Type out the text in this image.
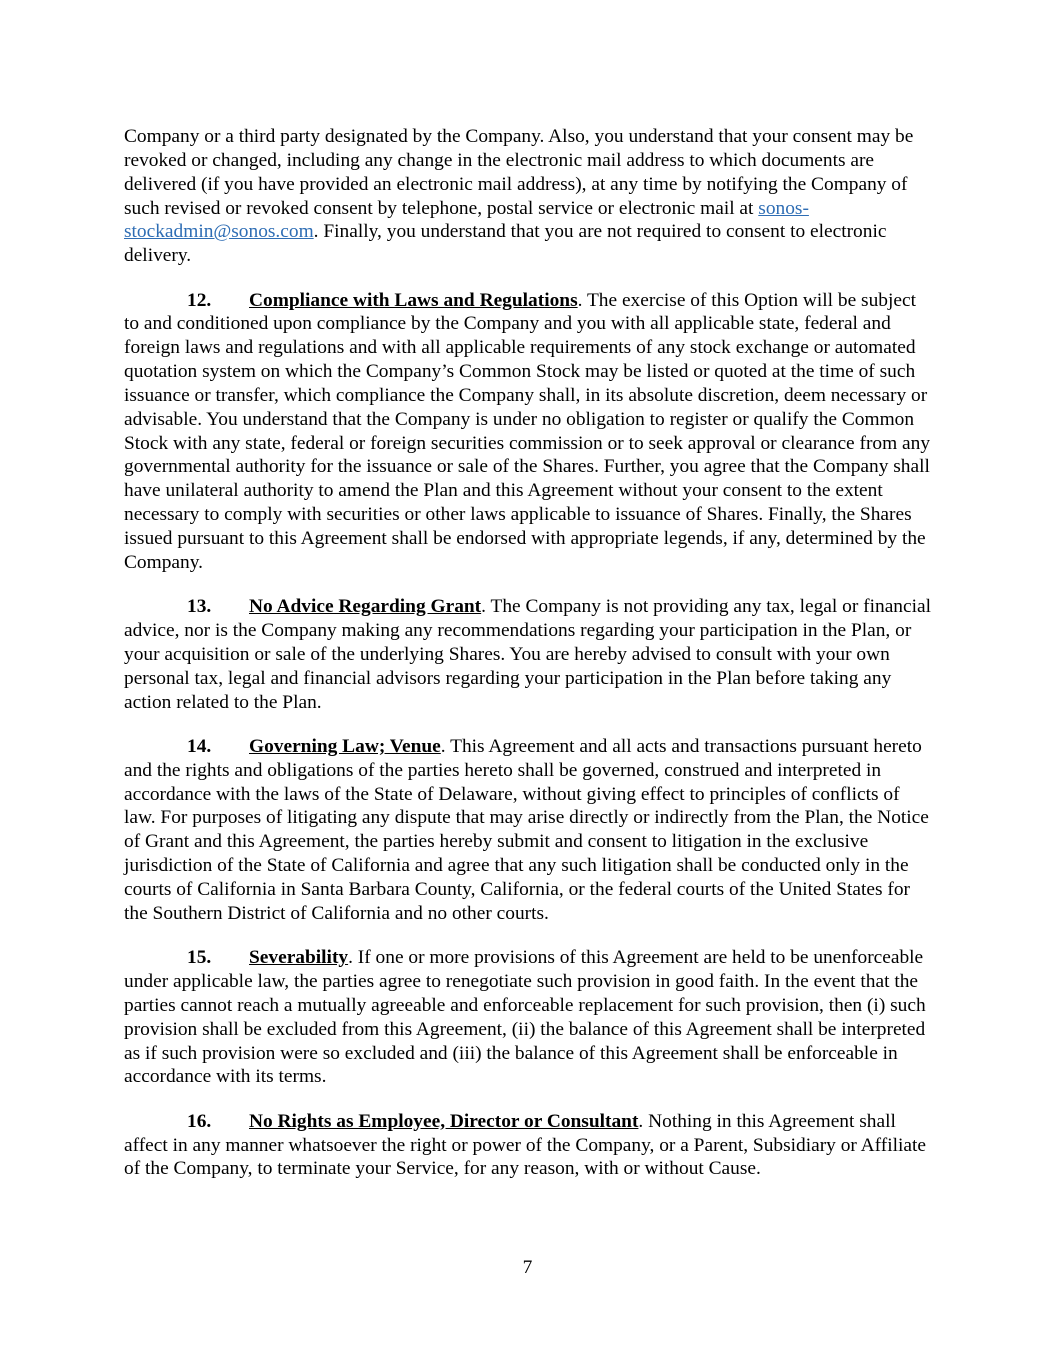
Company or a third party designated by the Company. Also, you understand that your consent may be revoked or changed, including any change in the electronic mail address to which documents are delivered (if you have provided an electronic mail address), at any time by notifying the Company of such revised or revoked consent by telephone, postal service or electronic mail at sonos-stockadmin@sonos.com. Finally, you understand that you are not required to consent to electronic delivery.

12. Compliance with Laws and Regulations. The exercise of this Option will be subject to and conditioned upon compliance by the Company and you with all applicable state, federal and foreign laws and regulations and with all applicable requirements of any stock exchange or automated quotation system on which the Company’s Common Stock may be listed or quoted at the time of such issuance or transfer, which compliance the Company shall, in its absolute discretion, deem necessary or advisable. You understand that the Company is under no obligation to register or qualify the Common Stock with any state, federal or foreign securities commission or to seek approval or clearance from any governmental authority for the issuance or sale of the Shares. Further, you agree that the Company shall have unilateral authority to amend the Plan and this Agreement without your consent to the extent necessary to comply with securities or other laws applicable to issuance of Shares. Finally, the Shares issued pursuant to this Agreement shall be endorsed with appropriate legends, if any, determined by the Company.

13. No Advice Regarding Grant. The Company is not providing any tax, legal or financial advice, nor is the Company making any recommendations regarding your participation in the Plan, or your acquisition or sale of the underlying Shares. You are hereby advised to consult with your own personal tax, legal and financial advisors regarding your participation in the Plan before taking any action related to the Plan.

14. Governing Law; Venue. This Agreement and all acts and transactions pursuant hereto and the rights and obligations of the parties hereto shall be governed, construed and interpreted in accordance with the laws of the State of Delaware, without giving effect to principles of conflicts of law. For purposes of litigating any dispute that may arise directly or indirectly from the Plan, the Notice of Grant and this Agreement, the parties hereby submit and consent to litigation in the exclusive jurisdiction of the State of California and agree that any such litigation shall be conducted only in the courts of California in Santa Barbara County, California, or the federal courts of the United States for the Southern District of California and no other courts.

15. Severability. If one or more provisions of this Agreement are held to be unenforceable under applicable law, the parties agree to renegotiate such provision in good faith. In the event that the parties cannot reach a mutually agreeable and enforceable replacement for such provision, then (i) such provision shall be excluded from this Agreement, (ii) the balance of this Agreement shall be interpreted as if such provision were so excluded and (iii) the balance of this Agreement shall be enforceable in accordance with its terms.

16. No Rights as Employee, Director or Consultant. Nothing in this Agreement shall affect in any manner whatsoever the right or power of the Company, or a Parent, Subsidiary or Affiliate of the Company, to terminate your Service, for any reason, with or without Cause.

7
